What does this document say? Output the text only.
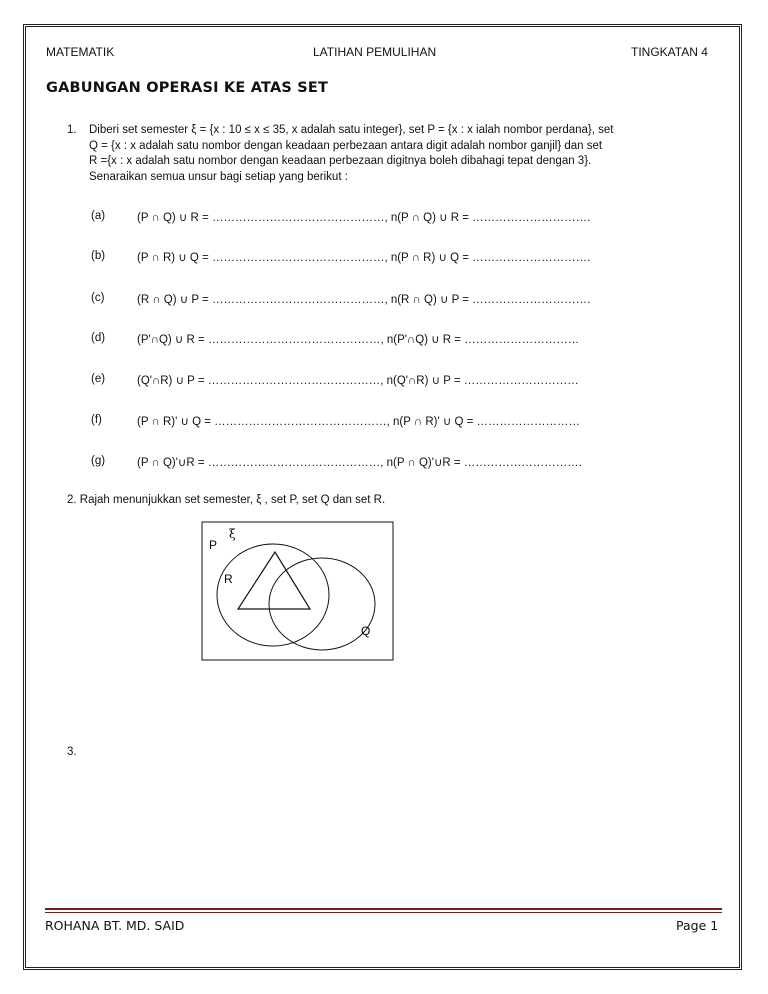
MATEMATIK	LATIHAN PEMULIHAN	TINGKATAN 4
GABUNGAN OPERASI KE ATAS SET
1. Diberi set semester ξ = {x : 10 ≤ x ≤ 35, x adalah satu integer}, set P = {x : x ialah nombor perdana}, set
Q = {x : x adalah satu nombor dengan keadaan perbezaan antara digit adalah nombor ganjil} dan set
R ={x : x adalah satu nombor dengan keadaan perbezaan digitnya boleh dibahagi tepat dengan 3}.
Senaraikan semua unsur bagi setiap yang berikut :
(a)	(P ∩ Q) ∪ R = ………………………………………, n(P ∩ Q) ∪ R = ………………………….
(b)	(P ∩ R) ∪ Q = ………………………………………, n(P ∩ R) ∪ Q = ………………………….
(c)	(R ∩ Q) ∪ P = ………………………………………, n(R ∩ Q) ∪ P = ………………………….
(d)	(P'∩Q) ∪ R = ………………………………………, n(P'∩Q) ∪ R = …………………………
(e)	(Q'∩R) ∪ P = ………………………………………, n(Q'∩R) ∪ P = …………………………
(f)	(P ∩ R)' ∪ Q = ………………………………………, n(P ∩ R)' ∪ Q = ………………………
(g)	(P ∩ Q)'∪R = ………………………………………, n(P ∩ Q)'∪R = ………………………….
2. Rajah menunjukkan set semester, ξ , set P, set Q dan set R.
P
ξ
R
Q
3.
ROHANA BT. MD. SAID	Page 1
